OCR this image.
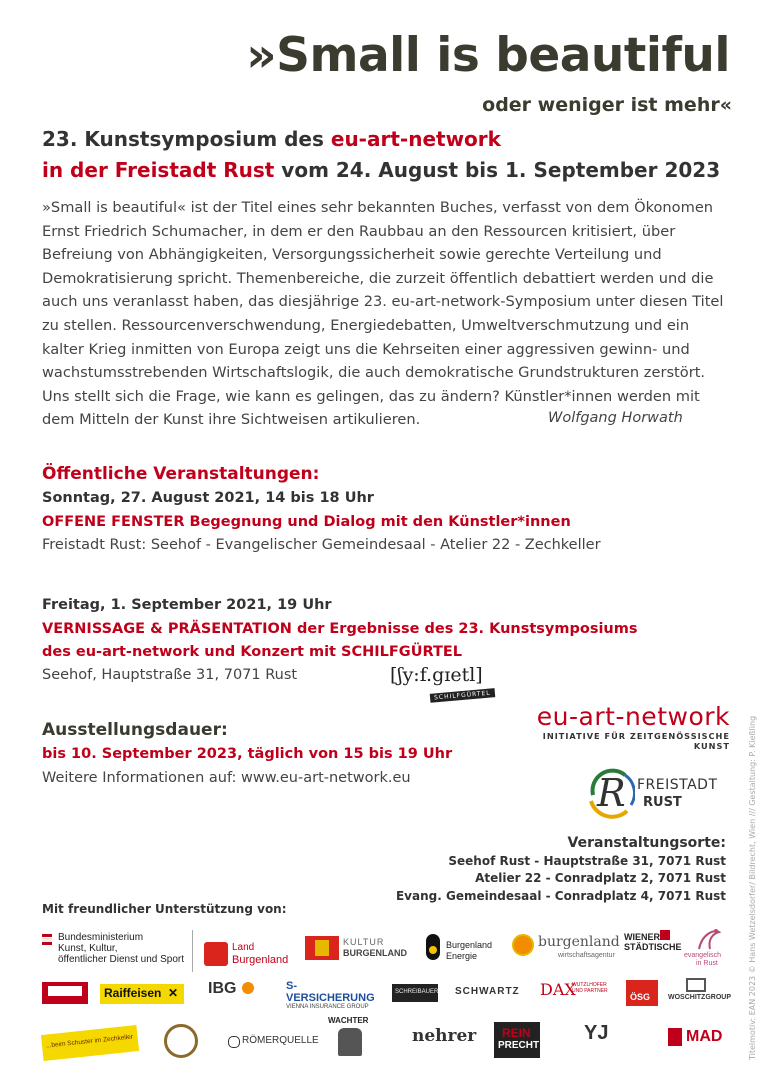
»Small is beautiful
oder weniger ist mehr«
23. Kunstsymposium des eu-art-network
in der Freistadt Rust vom 24. August bis 1. September 2023
»Small is beautiful« ist der Titel eines sehr bekannten Buches, verfasst von dem Ökonomen Ernst Friedrich Schumacher, in dem er den Raubbau an den Ressourcen kritisiert, über Befreiung von Abhängigkeiten, Versorgungssicherheit sowie gerechte Verteilung und Demokratisierung spricht. Themenbereiche, die zurzeit öffentlich debattiert werden und die auch uns veranlasst haben, das diesjährige 23. eu-art-network-Symposium unter diesen Titel zu stellen. Ressourcenverschwendung, Energiedebatten, Umweltverschmutzung und ein kalter Krieg inmitten von Europa zeigt uns die Kehrseiten einer aggressiven gewinn- und wachstumsstrebenden Wirtschaftslogik, die auch demokratische Grundstrukturen zerstört. Uns stellt sich die Frage, wie kann es gelingen, das zu ändern? Künstler*innen werden mit dem Mitteln der Kunst ihre Sichtweisen artikulieren.	Wolfgang Horwath
Öffentliche Veranstaltungen:
Sonntag, 27. August 2021, 14 bis 18 Uhr
OFFENE FENSTER Begegnung und Dialog mit den Künstler*innen
Freistadt Rust: Seehof - Evangelischer Gemeindesaal - Atelier 22 - Zechkeller
Freitag, 1. September 2021, 19 Uhr
VERNISSAGE & PRÄSENTATION der Ergebnisse des 23. Kunstsymposiums
des eu-art-network und Konzert mit SCHILFGÜRTEL
Seehof, Hauptstraße 31, 7071 Rust	[ʃy:f.gɪetl]
SCHILFGÜRTEL
Ausstellungsdauer:
bis 10. September 2023, täglich von 15 bis 19 Uhr
Weitere Informationen auf: www.eu-art-network.eu
eu-art-network
INITIATIVE FÜR ZEITGENÖSSISCHE KUNST
R FREISTADT
RUST
Veranstaltungsorte:
Seehof Rust - Hauptstraße 31, 7071 Rust
Atelier 22 - Conradplatz 2, 7071 Rust
Evang. Gemeindesaal - Conradplatz 4, 7071 Rust
Mit freundlicher Unterstützung von:
Bundesministerium
Kunst, Kultur,
öffentlicher Dienst und Sport
Land
Burgenland
KULTUR
BURGENLAND
Burgenland
Energie
burgenland
wirtschaftsagentur
WIENER
STÄDTISCHE
evangelisch
in Rust
Raiffeisen ✕ IBG	S-VERSICHERUNG
VIENNA INSURANCE GROUP
SCHREIBAUER SCHWARTZ	DAX
WUTZLHOFER UND PARTNER
ÖSG	WOSCHITZGROUP
...beim Schuster im Zechkeller	RÖMERQUELLE
WACHTER
nehrer REIN
PRECHT
YJ	MAD	Titelmotiv: EAN 2023 © Hans Wetzelsdorfer/ Bildrecht, Wien /// Gestaltung: P. Kießling
